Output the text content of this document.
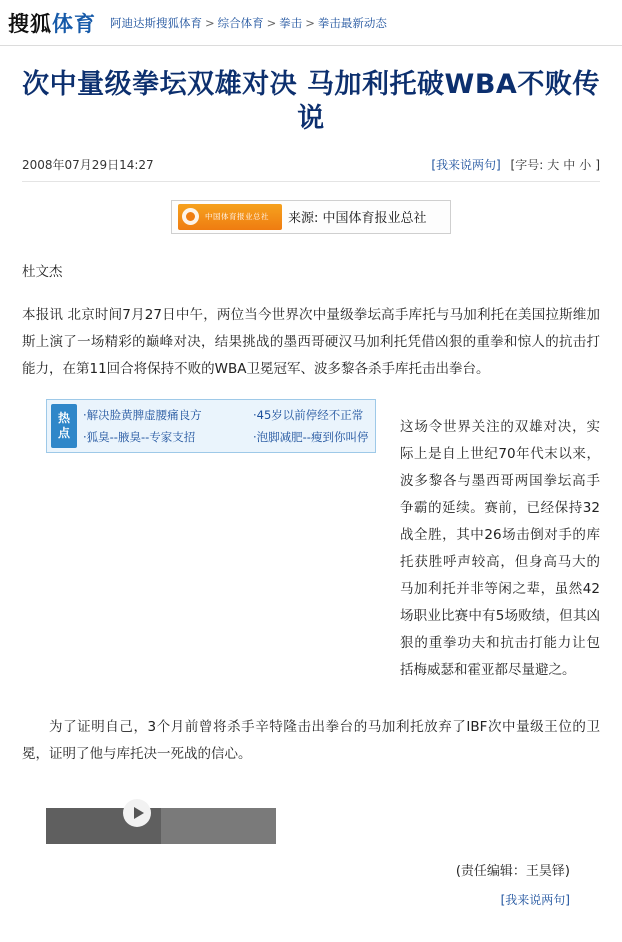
搜狐 体育 阿迪达斯搜狐体育 > 综合体育 > 拳击 > 拳击最新动态
次中量级拳坛双雄对决 马加利托破WBA不败传说
2008年07月29日14:27	[我来说两句] [字号: 大 中 小 ]
中国体育报业总社 来源: 中国体育报业总社
杜文杰

本报讯 北京时间7月27日中午，两位当今世界次中量级拳坛高手库托与马加利托在美国拉斯维加斯上演了一场精彩的巅峰对决，结果挑战的墨西哥硬汉马加利托凭借凶狠的重拳和惊人的抗击打能力，在第11回合将保持不败的WBA卫冕冠军、波多黎各杀手库托击出拳台。

这场令世界关注的双雄对决，实际上是自上世纪70年代末以来，波多黎各与墨西哥两国拳坛高手争霸的延续。赛前，已经保持32战全胜，其中26场击倒对手的库托获胜呼声较高，但身高马大的马加利托并非等闲之辈，虽然42场职业比赛中有5场败绩，但其凶狠的重拳功夫和抗击打能力让包括梅威瑟和霍亚都尽量避之。
热
点
·解决脸黄脾虚腰痛良方	·45岁以前停经不正常
·狐臭--腋臭--专家支招	·泡脚减肥--瘦到你叫停

为了证明自己，3个月前曾将杀手辛特隆击出拳台的马加利托放弃了IBF次中量级王位的卫冕，证明了他与库托决一死战的信心。

(责任编辑：王昊铎)
[我来说两句]
